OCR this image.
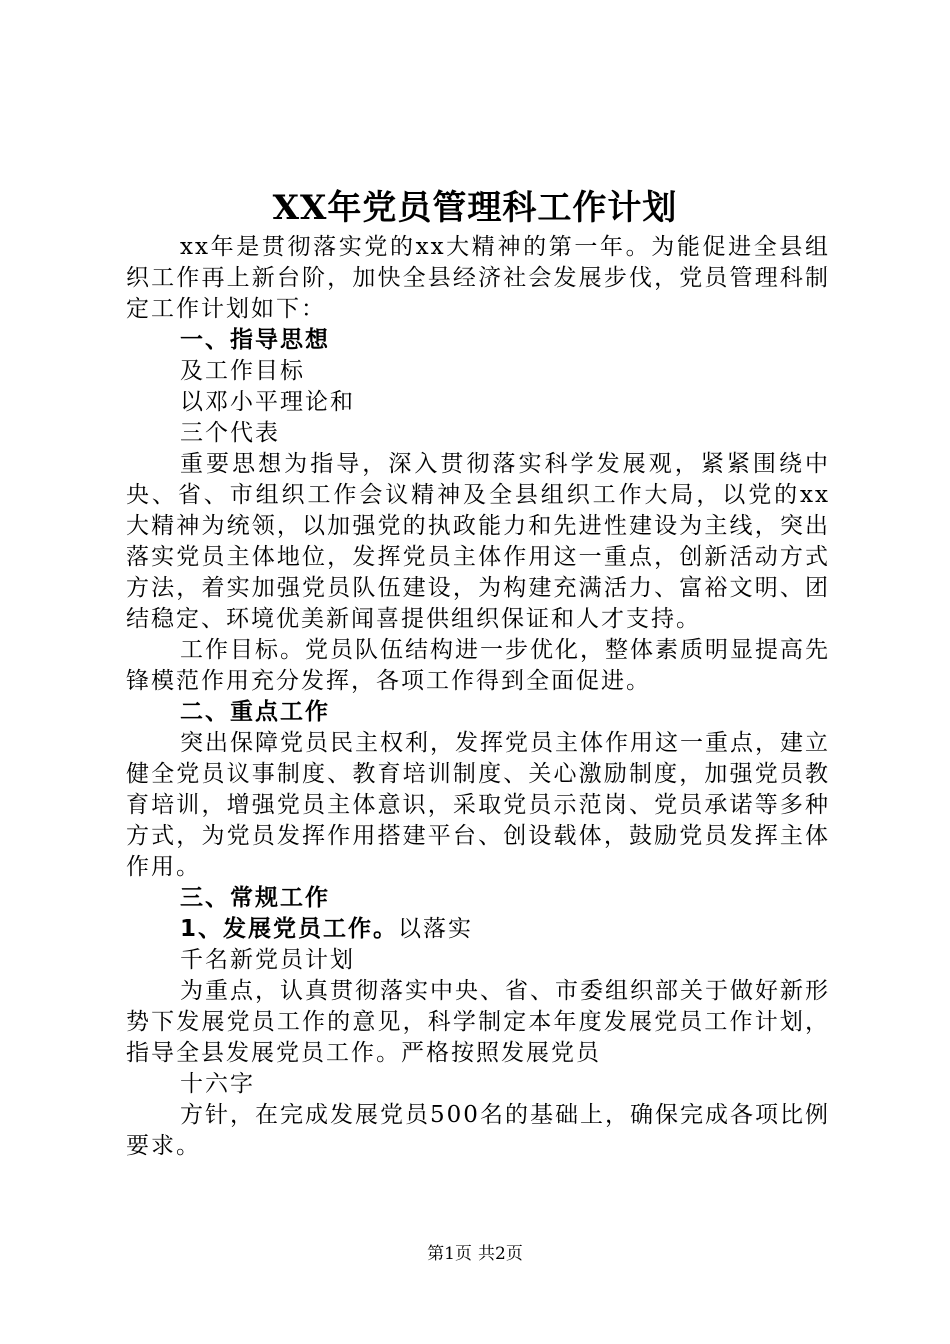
XX年党员管理科工作计划

xx年是贯彻落实党的xx大精神的第一年。为能促进全县组织工作再上新台阶，加快全县经济社会发展步伐，党员管理科制定工作计划如下：

一、指导思想

及工作目标

以邓小平理论和

三个代表

重要思想为指导，深入贯彻落实科学发展观，紧紧围绕中央、省、市组织工作会议精神及全县组织工作大局，以党的xx大精神为统领，以加强党的执政能力和先进性建设为主线，突出落实党员主体地位，发挥党员主体作用这一重点，创新活动方式方法，着实加强党员队伍建设，为构建充满活力、富裕文明、团结稳定、环境优美新闻喜提供组织保证和人才支持。

工作目标。党员队伍结构进一步优化，整体素质明显提高先锋模范作用充分发挥，各项工作得到全面促进。

二、重点工作

突出保障党员民主权利，发挥党员主体作用这一重点，建立健全党员议事制度、教育培训制度、关心激励制度，加强党员教育培训，增强党员主体意识，采取党员示范岗、党员承诺等多种方式，为党员发挥作用搭建平台、创设载体，鼓励党员发挥主体作用。

三、常规工作

1、发展党员工作。以落实

千名新党员计划

为重点，认真贯彻落实中央、省、市委组织部关于做好新形势下发展党员工作的意见，科学制定本年度发展党员工作计划，指导全县发展党员工作。严格按照发展党员

十六字

方针，在完成发展党员500名的基础上，确保完成各项比例要求。

第1页 共2页
